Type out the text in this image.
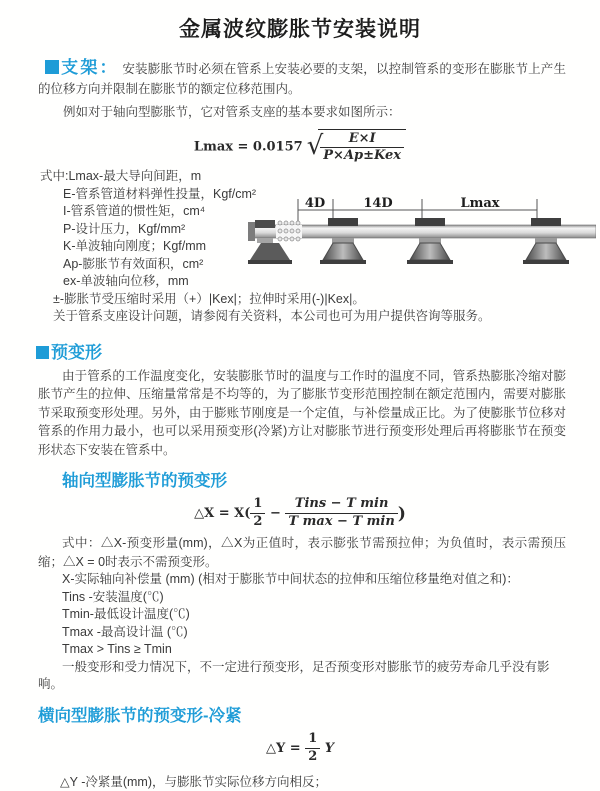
金属波纹膨胀节安装说明

支架： 安装膨胀节时必须在管系上安装必要的支架，以控制管系的变形在膨胀节上产生的位移方向并限制在膨胀节的额定位移范围内。

例如对于轴向型膨胀节，它对管系支座的基本要求如图所示：

Lmax = 0.0157 √
$\frac{E\times I}{\text{P×Ap±Kex}}$
式中:Lmax-最大导向间距，m
E-管系管道材料弹性投量，Kgf/cm²
I-管系管道的惯性矩，cm⁴
P-设计压力，Kgf/mm²
K-单波轴向刚度；Kgf/mm
Ap-膨胀节有效面积，cm²
ex-单波轴向位移，mm
±-膨胀节受压缩时采用（+）|Kex|；拉伸时采用(-)|Kex|。
关于管系支座设计问题，请参阅有关资料，本公司也可为用户提供咨询等服务。
4D	14D	Lmax
预变形

由于管系的工作温度变化，安装膨胀节时的温度与工作时的温度不同，管系热膨胀冷缩对膨胀节产生的拉伸、压缩量常常是不均等的，为了膨胀节变形范围控制在额定范围内，需要对膨胀节采取预变形处理。另外，由于膨账节刚度是一个定值，与补偿量成正比。为了使膨胀节位移对管系的作用力最小，也可以采用预变形(冷紧)方让对膨胀节进行预变形处理后再将膨胀节在预变形状态下安装在管系中。

轴向型膨胀节的预变形
△X = $X( \frac{1}{2} - \frac{\text{Tins − T min}}{\text{T max − T min}}$ )

式中：△X-预变形量(mm)，△X为正值时，表示膨张节需预拉伸；为负值时，表示需预压缩；△X = 0时表示不需预变形。

X-实际轴向补偿量 (mm) (相对于膨胀节中间状态的拉伸和压缩位移量绝对值之和)：
Tins -安装温度(℃)
Tmin-最低设计温度(℃)
Tmax -最高设计温 (℃)
Tmax > Tins ≥ Tmin
一般变形和受力情况下，不一定进行预变形，足否预变形对膨胀节的疲劳寿命几乎没有影响。
横向型膨胀节的预变形-冷紧
△Y = $\frac{1}{2}$ Y
△Y -冷紧量(mm)，与膨胀节实际位移方向相反；
